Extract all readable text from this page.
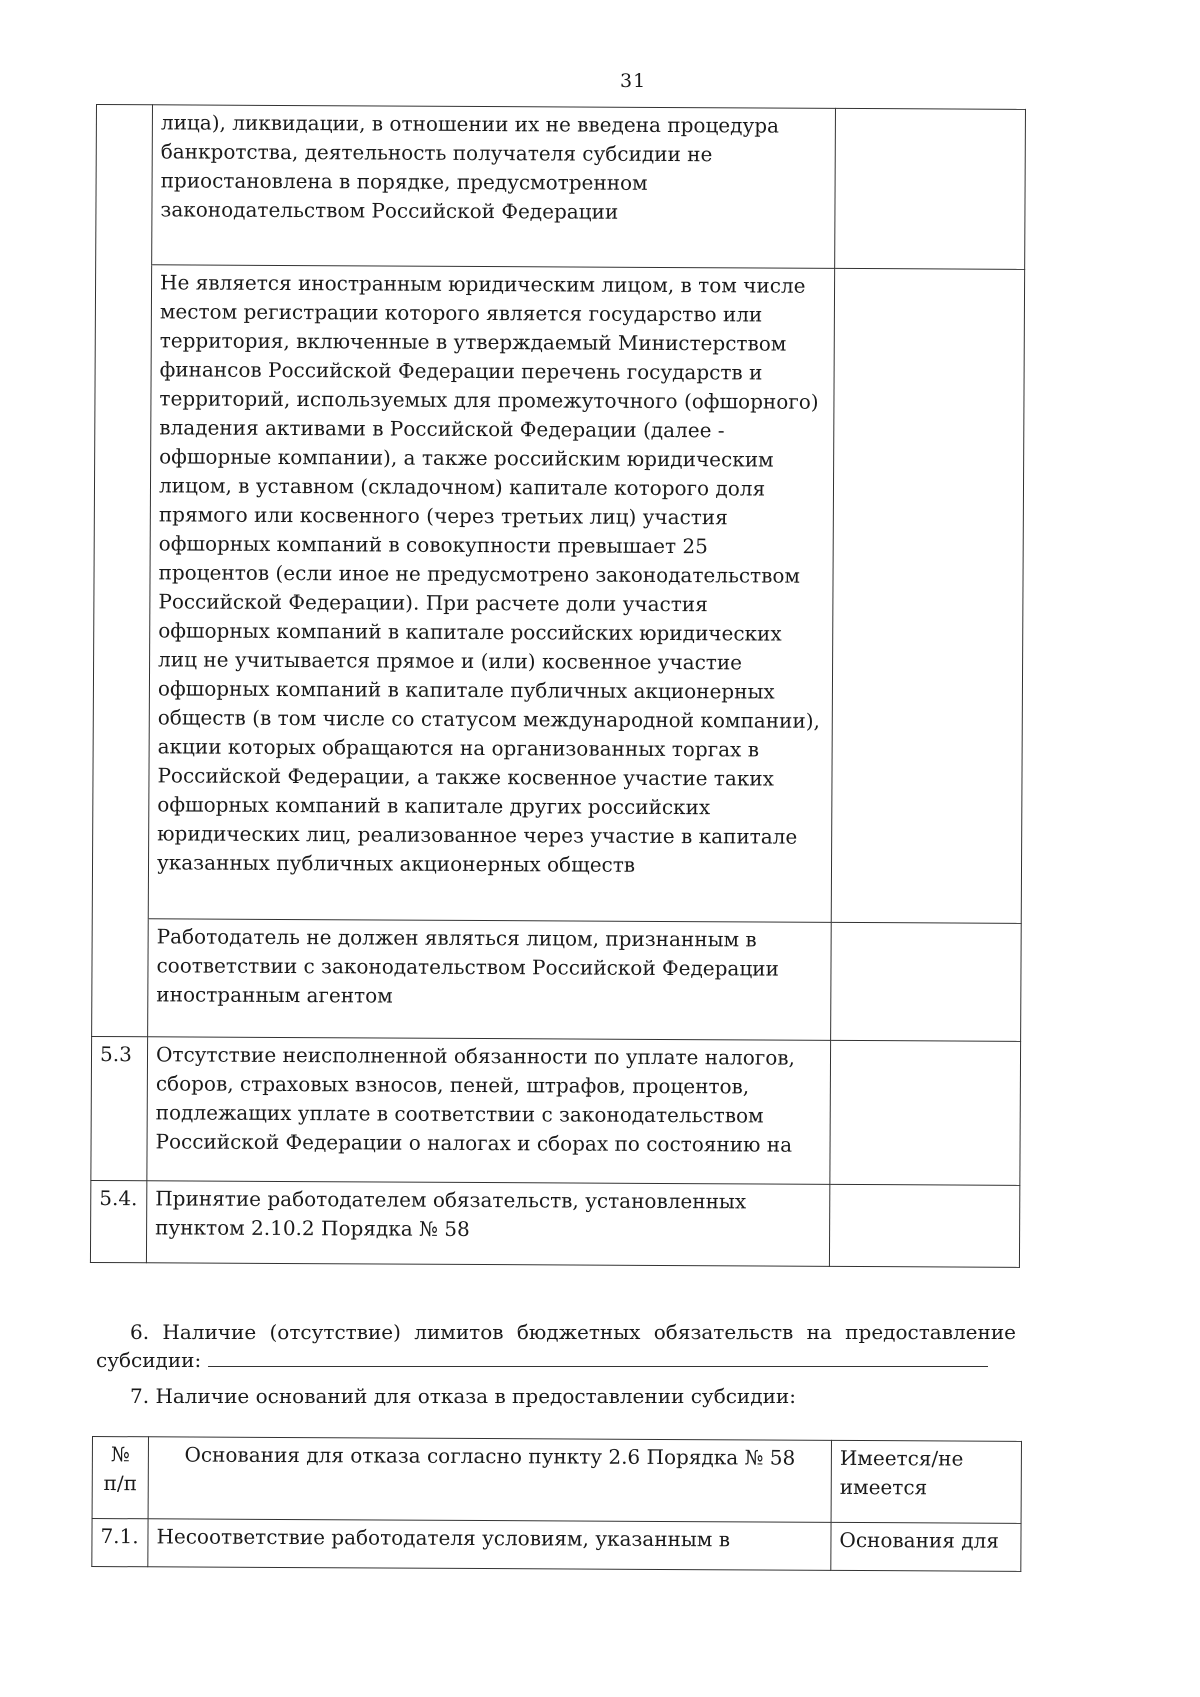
31
	лица), ликвидации, в отношении их не введена процедура банкротства, деятельность получателя субсидии не приостановлена в порядке, предусмотренном законодательством Российской Федерации	
	Не является иностранным юридическим лицом, в том числе местом регистрации которого является государство или территория, включенные в утверждаемый Министерством финансов Российской Федерации перечень государств и территорий, используемых для промежуточного (офшорного) владения активами в Российской Федерации (далее - офшорные компании), а также российским юридическим лицом, в уставном (складочном) капитале которого доля прямого или косвенного (через третьих лиц) участия офшорных компаний в совокупности превышает 25 процентов (если иное не предусмотрено законодательством Российской Федерации). При расчете доли участия офшорных компаний в капитале российских юридических лиц не учитывается прямое и (или) косвенное участие офшорных компаний в капитале публичных акционерных обществ (в том числе со статусом международной компании), акции которых обращаются на организованных торгах в Российской Федерации, а также косвенное участие таких офшорных компаний в капитале других российских юридических лиц, реализованное через участие в капитале указанных публичных акционерных обществ	
	Работодатель не должен являться лицом, признанным в соответствии с законодательством Российской Федерации иностранным агентом	
5.3	Отсутствие неисполненной обязанности по уплате налогов, сборов, страховых взносов, пеней, штрафов, процентов, подлежащих уплате в соответствии с законодательством Российской Федерации о налогах и сборах по состоянию на	
5.4.	Принятие работодателем обязательств, установленных пунктом 2.10.2 Порядка № 58	
6. Наличие (отсутствие) лимитов бюджетных обязательств на предоставление субсидии:
7. Наличие оснований для отказа в предоставлении субсидии:
№ п/п	Основания для отказа согласно пункту 2.6 Порядка № 58	Имеется/не имеется
7.1.	Несоответствие работодателя условиям, указанным в	Основания для
